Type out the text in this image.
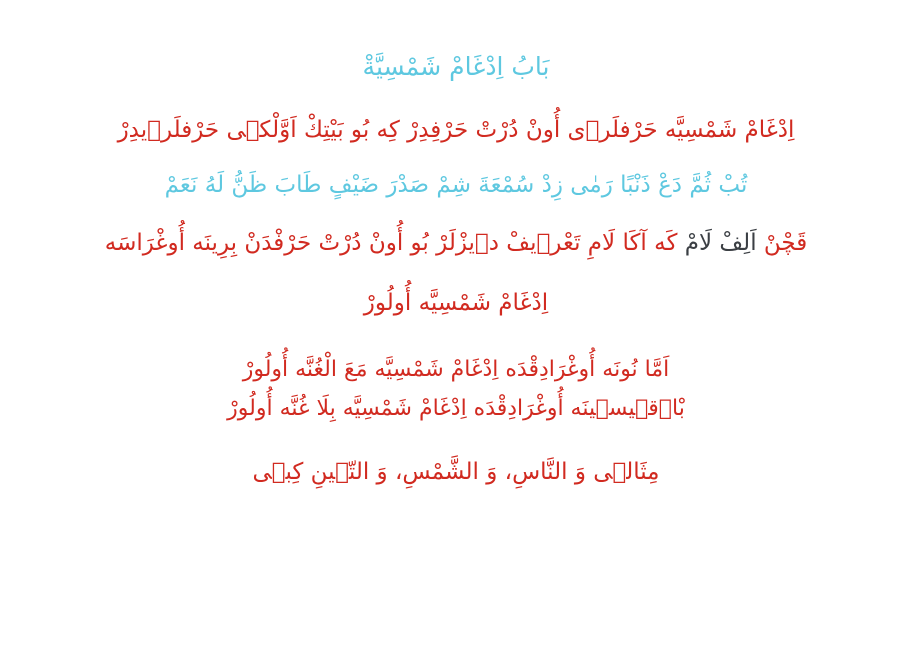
بَابُ اِدْغَامْ شَمْسِيَّةْ
اِدْغَامْ شَمْسِيَّه حَرْفلَرٖى أُونْ دُرْتْ حَرْفِدِرْ كِه بُو بَيْتِكْ اَوَّلْكٖى حَرْفلَرٖيدِرْ
تُبْ ثُمَّ دَعْ ذَنْبًا رَمٰى زِدْ سُمْعَةَ شِمْ صَدْرَ ضَيْفٍ طَابَ ظَنُّ لَهُ نَعَمْ
قَچْنْ اَلِفْ لَامْ كَه آكَا لَامِ تَعْرٖيفْ دٖيزْلَرْ بُو أُونْ دُرْتْ حَرْفْدَنْ بِرِينَه أُوغْرَاسَه
اِدْغَامْ شَمْسِيَّه أُولُورْ
اَمَّا نُونَه أُوغْرَادِقْدَه اِدْغَامْ شَمْسِيَّه مَعَ الْغُنَّه أُولُورْ
بْاٖقٖيسٖينَه أُوغْرَادِقْدَه اِدْغَامْ شَمْسِيَّه بِلَا غُنَّه أُولُورْ
مِثَالٖى وَ النَّاسِ، وَ الشَّمْسِ، وَ التّٖينِ كِبٖى
